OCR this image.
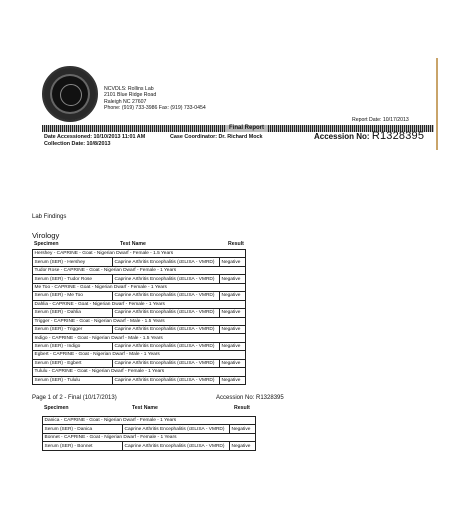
NCVDLS: Rollins Lab
2101 Blue Ridge Road
Raleigh NC 27607
Phone: (919) 733-3986 Fax: (919) 733-0454
Report Date: 10/17/2013
Final Report
Date Accessioned: 10/10/2013 11:01 AM
Collection Date: 10/8/2013
Case Coordinator: Dr. Richard Mock	Accession No: R1328395
Lab Findings
Virology
Specimen	Test Name	Result
Hershey - CAPRINE - Goat - Nigerian Dwarf - Female - 1.5 Years		
Serum (SER) - Hershey	Caprine Arthritis Encephalitis (cELISA - VMRD)	Negative
Tudor Rose - CAPRINE - Goat - Nigerian Dwarf - Female - 1 Years		
Serum (SER) - Tudor Rose	Caprine Arthritis Encephalitis (cELISA - VMRD)	Negative
Me Too - CAPRINE - Goat - Nigerian Dwarf - Female - 1 Years		
Serum (SER) - Me Too	Caprine Arthritis Encephalitis (cELISA - VMRD)	Negative
Dahlia - CAPRINE - Goat - Nigerian Dwarf - Female - 1 Years		
Serum (SER) - Dahlia	Caprine Arthritis Encephalitis (cELISA - VMRD)	Negative
Trigger - CAPRINE - Goat - Nigerian Dwarf - Male - 1.5 Years		
Serum (SER) - Trigger	Caprine Arthritis Encephalitis (cELISA - VMRD)	Negative
Indigo - CAPRINE - Goat - Nigerian Dwarf - Male - 1.5 Years		
Serum (SER) - Indigo	Caprine Arthritis Encephalitis (cELISA - VMRD)	Negative
Egbert - CAPRINE - Goat - Nigerian Dwarf - Male - 1 Years		
Serum (SER) - Egbert	Caprine Arthritis Encephalitis (cELISA - VMRD)	Negative
Tululu - CAPRINE - Goat - Nigerian Dwarf - Female - 1 Years		
Serum (SER) - Tululu	Caprine Arthritis Encephalitis (cELISA - VMRD)	Negative
Page 1 of 2 - Final (10/17/2013)	Accession No: R1328395
Specimen	Test Name	Result
Danica - CAPRINE - Goat - Nigerian Dwarf - Female - 1 Years		
Serum (SER) - Danica	Caprine Arthritis Encephalitis (cELISA - VMRD)	Negative
Bonnet - CAPRINE - Goat - Nigerian Dwarf - Female - 1 Years		
Serum (SER) - Bonnet	Caprine Arthritis Encephalitis (cELISA - VMRD)	Negative
